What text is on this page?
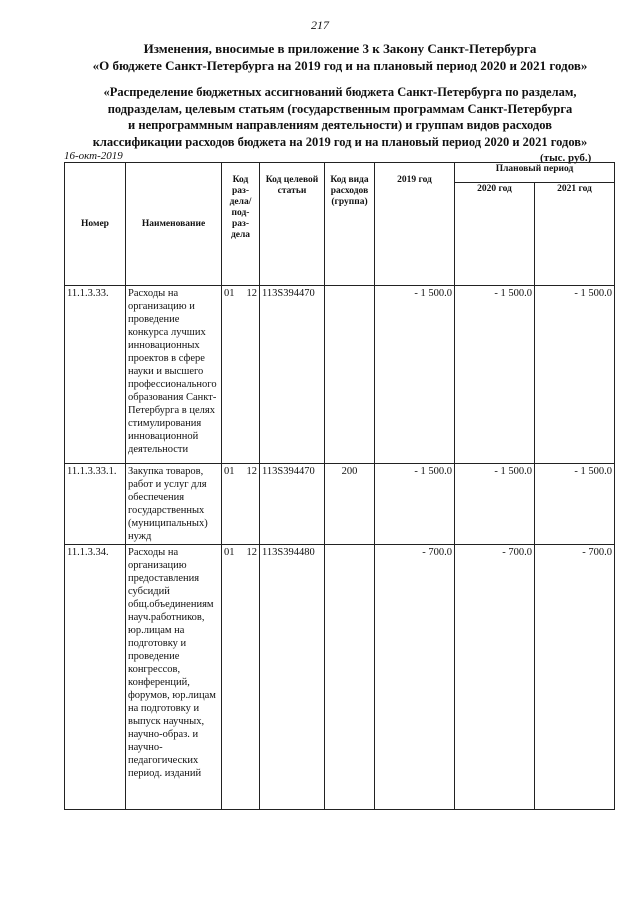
217
Изменения, вносимые в приложение 3 к Закону Санкт-Петербурга
«О бюджете Санкт-Петербурга на 2019 год и на плановый период 2020 и 2021 годов»
«Распределение бюджетных ассигнований бюджета Санкт-Петербурга по разделам,
подразделам, целевым статьям (государственным программам Санкт-Петербурга
и непрограммным направлениям деятельности) и группам видов расходов
классификации расходов бюджета на 2019 год и на плановый период 2020 и 2021 годов»
16-окт-2019	(тыс. руб.)
Номер	Наименование	Код раз-дела/ под-раз-дела	Код целевой статьи	Код вида расходов (группа)	2019 год	Плановый период	
						2020 год	2021 год
11.1.3.33.	Расходы на организацию и проведение конкурса лучших инновационных проектов в сфере науки и высшего профессионального образования Санкт-Петербурга в целях стимулирования инновационной деятельности	01 12	113S394470		- 1 500.0	- 1 500.0	- 1 500.0
11.1.3.33.1.	Закупка товаров, работ и услуг для обеспечения государственных (муниципальных) нужд	01 12	113S394470	200	- 1 500.0	- 1 500.0	- 1 500.0
11.1.3.34.	Расходы на организацию предоставления субсидий общ.объединениям науч.работников, юр.лицам на подготовку и проведение конгрессов, конференций, форумов, юр.лицам на подготовку и выпуск научных, научно-образ. и научно-педагогических период. изданий	01 12	113S394480		- 700.0	- 700.0	- 700.0
